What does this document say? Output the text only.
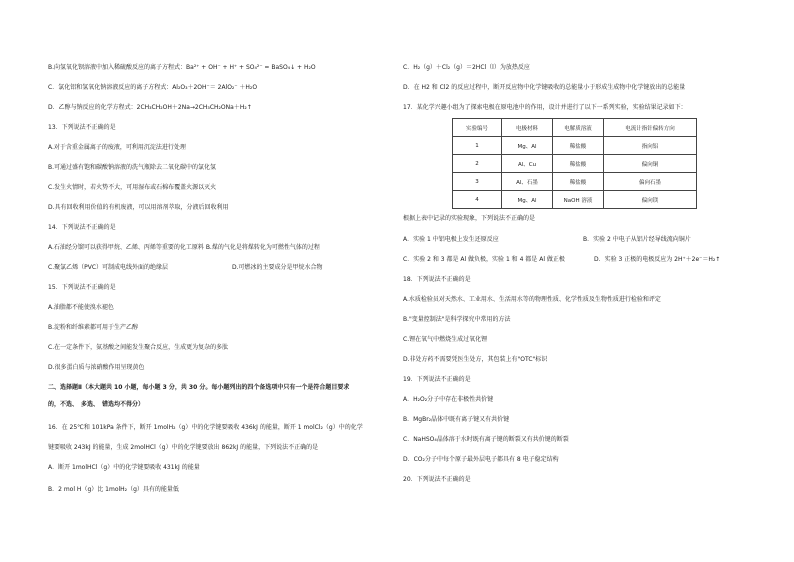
B.向氢氧化钡溶液中加入稀硫酸反应的离子方程式：Ba²⁺ + OH⁻ + H⁺ + SO₄²⁻ = BaSO₄↓ + H₂O
C．氯化铝和氢氧化钠溶液反应的离子方程式：Al₂O₃＋2OH⁻＝ 2AlO₂⁻ ＋H₂O
D．乙醇与钠反应的化学方程式：2CH₃CH₂OH＋2Na→2CH₃CH₂ONa＋H₂↑
13．下列说法不正确的是
A.对于含重金属离子的废液，可利用沉淀法进行处理
B.可通过盛有饱和碳酸钠溶液的洗气瓶除去二氧化碳中的氯化氢
C.发生火情时，若火势不大，可用湿布或石棉布覆盖火源以灭火
D.具有回收利用价值的有机废液，可以用溶剂萃取，分液后回收利用
14．下列说法不正确的是
A.石油经分馏可以获得甲烷、乙烯、丙烯等重要的化工原料 B.煤的气化是将煤转化为可燃性气体的过程
C.聚氯乙烯（PVC）可制成电线外面的绝缘层	D.可燃冰的主要成分是甲烷水合物
15．下列说法不正确的是
A.油脂都不能使溴水褪色
B.淀粉和纤维素都可用于生产乙醇
C.在一定条件下，氨基酸之间能发生聚合反应，生成更为复杂的多肽
D.很多蛋白质与浓硝酸作用呈现黄色
二、选择题Ⅱ（本大题共 10 小题，每小题 3 分，共 30 分。每小题列出的四个备选项中只有一个是符合题目要求
的，不选、　多选、　错选均不得分）
16．在 25℃和 101kPa 条件下，断开 1molH₂（g）中的化学键要吸收 436kJ 的能量，断开 1 molCl₂（g）中的化学
键要吸收 243kJ 的能量，生成 2molHCl（g）中的化学键要放出 862kJ 的能量，下列说法不正确的是
A．断开 1molHCl（g）中的化学键要吸收 431kJ 的能量
B．2 mol H（g）比 1molH₂（g）具有的能量低
C．H₂（g）＋Cl₂（g）＝2HCl（l）为放热反应
D．在 H2 和 Cl2 的反应过程中，断开反应物中化学键吸收的总能量小于形成生成物中化学键放出的总能量
17．某化学兴趣小组为了探索电极在原电池中的作用，设计并进行了以下一系列实验，实验结果记录如下：
实验编号	电极材料	电解质溶液	电流计指针偏转方向
1	Mg、Al	稀盐酸	指向铝
2	Al、Cu	稀盐酸	偏向铜
3	Al、石墨	稀盐酸	偏向石墨
4	Mg、Al	NaOH 溶液	偏向镁
根据上表中记录的实验现象，下列说法不正确的是
A．实验 1 中铝电极上发生还原反应	B．实验 2 中电子从铝片经导线流向铜片
C．实验 2 和 3 都是 Al 做负极，实验 1 和 4 都是 Al 做正极	D．实验 3 正极的电极反应为 2H⁺＋2e⁻＝H₂↑
18．下列说法不正确的是
A.水质检验员对天然水、工业用水、生活用水等的物理性质、化学性质及生物性质进行检验和评定
B."变量控制法"是科学探究中常用的方法
C.锂在氧气中燃烧生成过氧化锂
D.非处方药不需要凭医生处方，其包装上有"OTC"标识
19．下列说法不正确的是
A．H₂O₂分子中存在非极性共价键
B．MgBr₂晶体中既有离子键又有共价键
C．NaHSO₄晶体溶于水时既有离子键的断裂又有共价键的断裂
D．CO₂分子中每个原子最外层电子都具有 8 电子稳定结构
20．下列说法不正确的是
